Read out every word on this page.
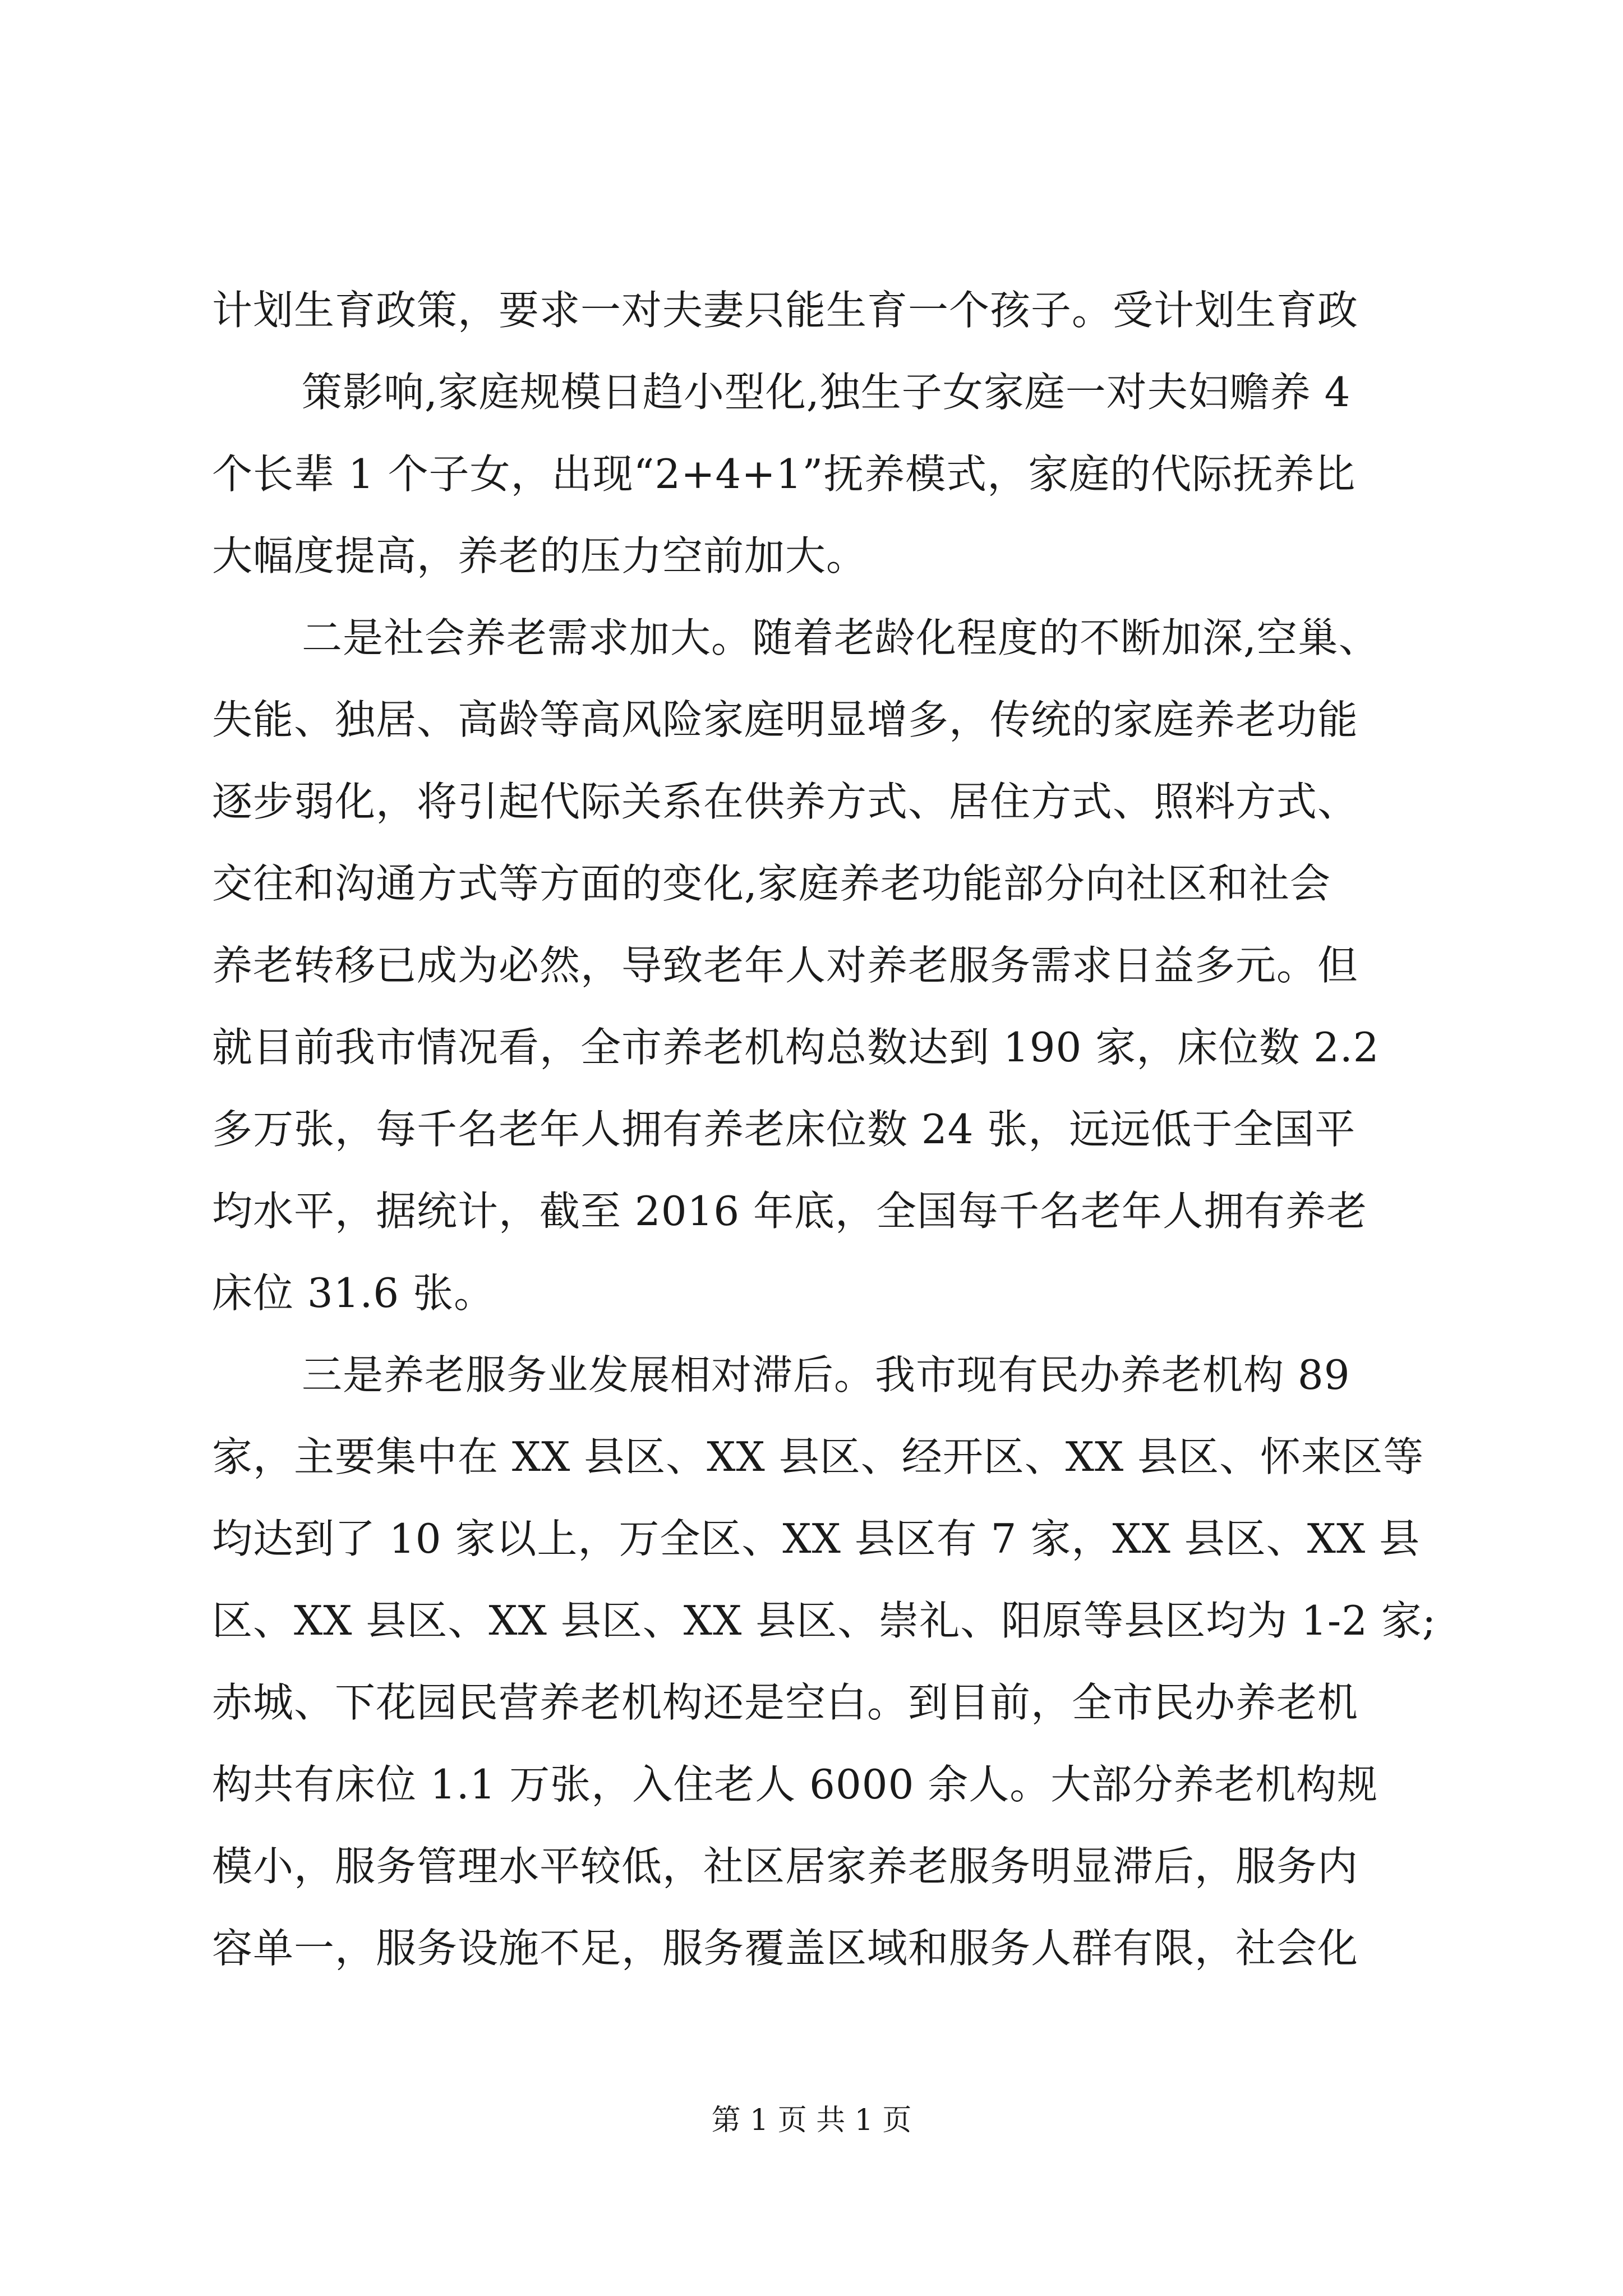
计划生育政策，要求一对夫妻只能生育一个孩子。受计划生育政
策影响,家庭规模日趋小型化,独生子女家庭一对夫妇赡养 4
个长辈 1 个子女，出现“2+4+1”抚养模式，家庭的代际抚养比
大幅度提高，养老的压力空前加大。
二是社会养老需求加大。随着老龄化程度的不断加深,空巢、
失能、独居、高龄等高风险家庭明显增多，传统的家庭养老功能
逐步弱化，将引起代际关系在供养方式、居住方式、照料方式、
交往和沟通方式等方面的变化,家庭养老功能部分向社区和社会
养老转移已成为必然，导致老年人对养老服务需求日益多元。但
就目前我市情况看，全市养老机构总数达到 190 家，床位数 2.2
多万张，每千名老年人拥有养老床位数 24 张，远远低于全国平
均水平，据统计，截至 2016 年底，全国每千名老年人拥有养老
床位 31.6 张。
三是养老服务业发展相对滞后。我市现有民办养老机构 89
家，主要集中在 XX 县区、XX 县区、经开区、XX 县区、怀来区等
均达到了 10 家以上，万全区、XX 县区有 7 家，XX 县区、XX 县
区、XX 县区、XX 县区、XX 县区、崇礼、阳原等县区均为 1-2 家;
赤城、下花园民营养老机构还是空白。到目前，全市民办养老机
构共有床位 1.1 万张，入住老人 6000 余人。大部分养老机构规
模小，服务管理水平较低，社区居家养老服务明显滞后，服务内
容单一，服务设施不足，服务覆盖区域和服务人群有限，社会化
第 1 页 共 1 页
